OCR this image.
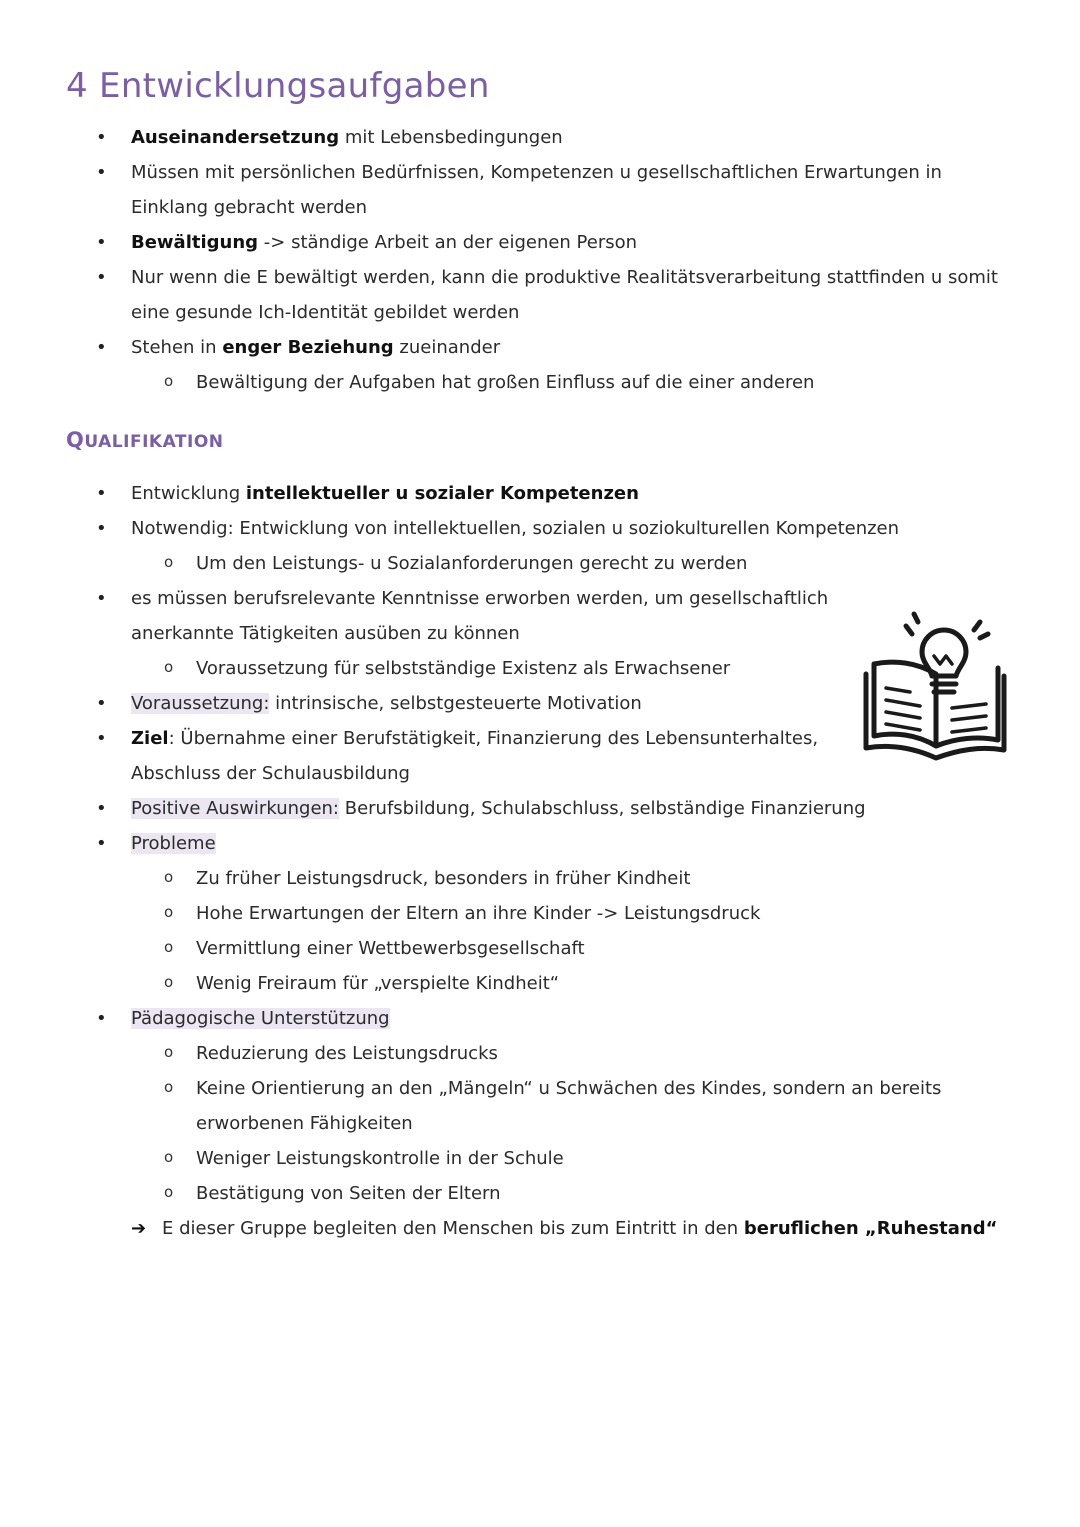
4 Entwicklungsaufgaben
• Auseinandersetzung mit Lebensbedingungen
• Müssen mit persönlichen Bedürfnissen, Kompetenzen u gesellschaftlichen Erwartungen in
Einklang gebracht werden
• Bewältigung -> ständige Arbeit an der eigenen Person
• Nur wenn die E bewältigt werden, kann die produktive Realitätsverarbeitung stattfinden u somit
eine gesunde Ich-Identität gebildet werden
• Stehen in enger Beziehung zueinander
o Bewältigung der Aufgaben hat großen Einfluss auf die einer anderen
QUALIFIKATION
• Entwicklung intellektueller u sozialer Kompetenzen
• Notwendig: Entwicklung von intellektuellen, sozialen u soziokulturellen Kompetenzen
o Um den Leistungs- u Sozialanforderungen gerecht zu werden
• es müssen berufsrelevante Kenntnisse erworben werden, um gesellschaftlich
anerkannte Tätigkeiten ausüben zu können
o Voraussetzung für selbstständige Existenz als Erwachsener
• Voraussetzung: intrinsische, selbstgesteuerte Motivation
• Ziel: Übernahme einer Berufstätigkeit, Finanzierung des Lebensunterhaltes,
Abschluss der Schulausbildung
• Positive Auswirkungen: Berufsbildung, Schulabschluss, selbständige Finanzierung
• Probleme
o Zu früher Leistungsdruck, besonders in früher Kindheit
o Hohe Erwartungen der Eltern an ihre Kinder -> Leistungsdruck
o Vermittlung einer Wettbewerbsgesellschaft
o Wenig Freiraum für „verspielte Kindheit“
• Pädagogische Unterstützung
o Reduzierung des Leistungsdrucks
o Keine Orientierung an den „Mängeln“ u Schwächen des Kindes, sondern an bereits
erworbenen Fähigkeiten
o Weniger Leistungskontrolle in der Schule
o Bestätigung von Seiten der Eltern
➔ E dieser Gruppe begleiten den Menschen bis zum Eintritt in den beruflichen „Ruhestand“
